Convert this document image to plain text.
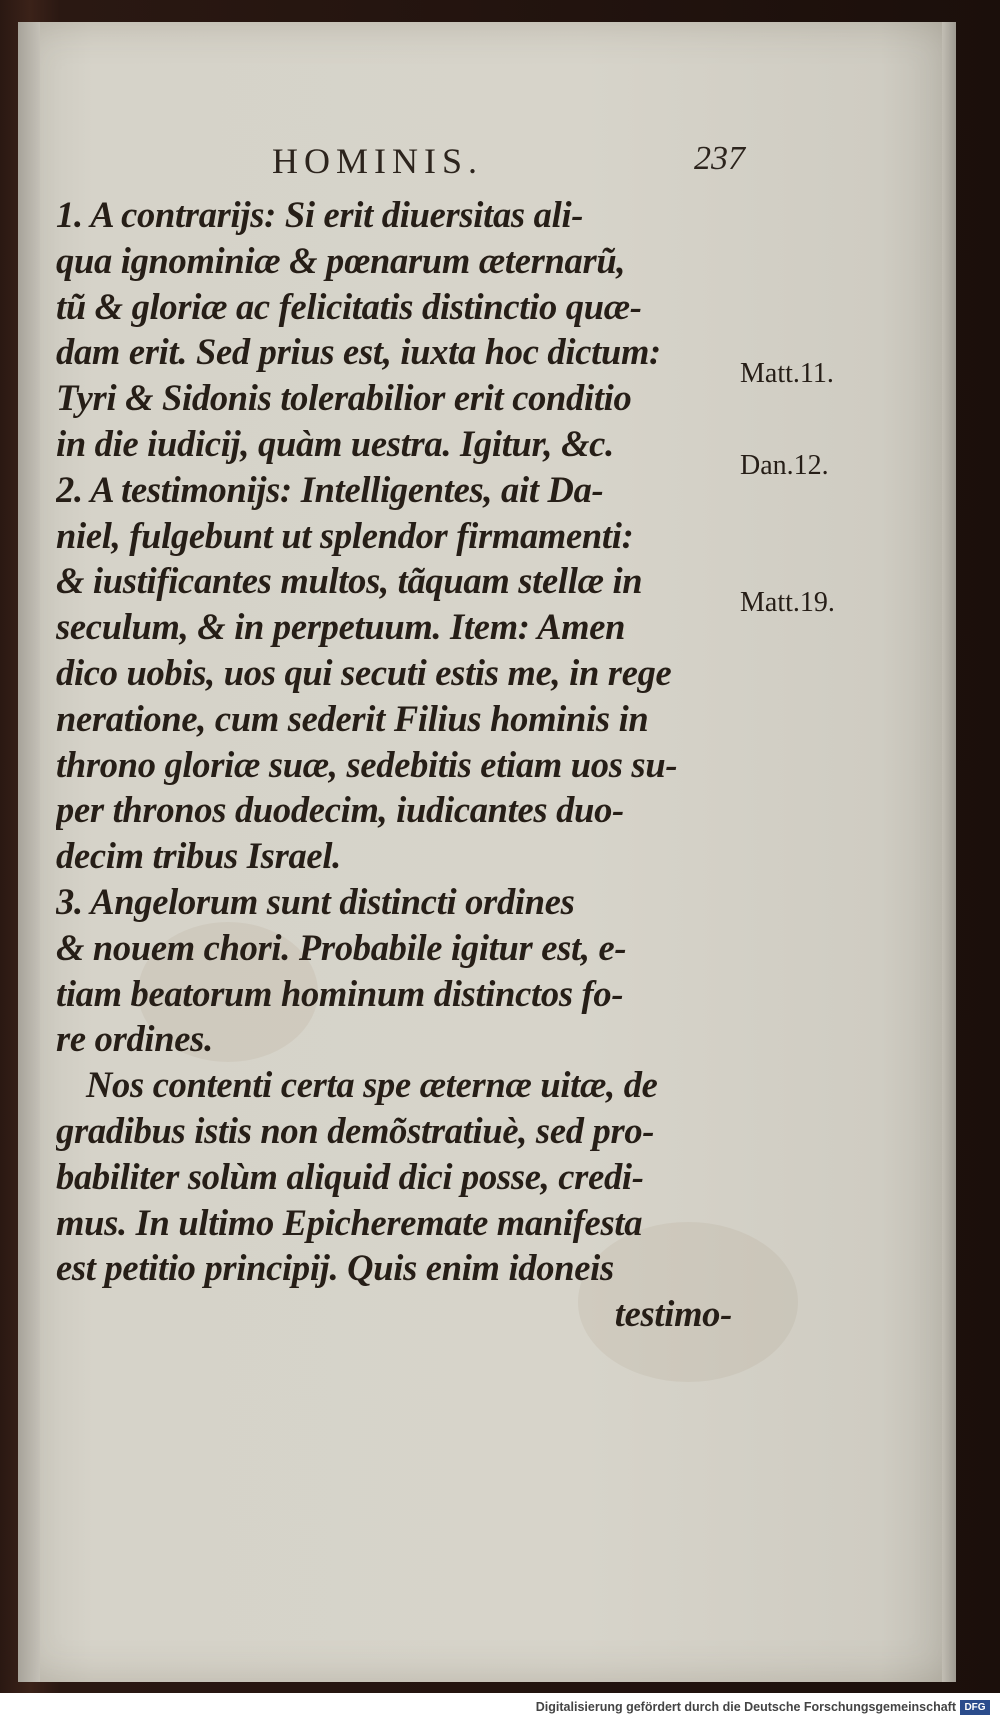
HOMINIS.	237
1. A contrarijs: Si erit diuersitas ali-
qua ignominiæ & pœnarum æternarũ,
tũ & gloriæ ac felicitatis distinctio quæ-
dam erit. Sed prius est, iuxta hoc dictum:
Tyri & Sidonis tolerabilior erit conditio
in die iudicij, quàm uestra. Igitur, &c.
2. A testimonijs: Intelligentes, ait Da-
niel, fulgebunt ut splendor firmamenti:
& iustificantes multos, tãquam stellæ in
seculum, & in perpetuum. Item: Amen
dico uobis, uos qui secuti estis me, in rege
neratione, cum sederit Filius hominis in
throno gloriæ suæ, sedebitis etiam uos su-
per thronos duodecim, iudicantes duo-
decim tribus Israel.
3. Angelorum sunt distincti ordines
& nouem chori. Probabile igitur est, e-
tiam beatorum hominum distinctos fo-
re ordines.
Nos contenti certa spe æternæ uitæ, de
gradibus istis non demõstratiuè, sed pro-
babiliter solùm aliquid dici posse, credi-
mus. In ultimo Epicheremate manifesta
est petitio principij. Quis enim idoneis
testimo-
Matt.11.
Dan.12.
Matt.19.
Digitalisierung gefördert durch die Deutsche Forschungsgemeinschaft DFG
